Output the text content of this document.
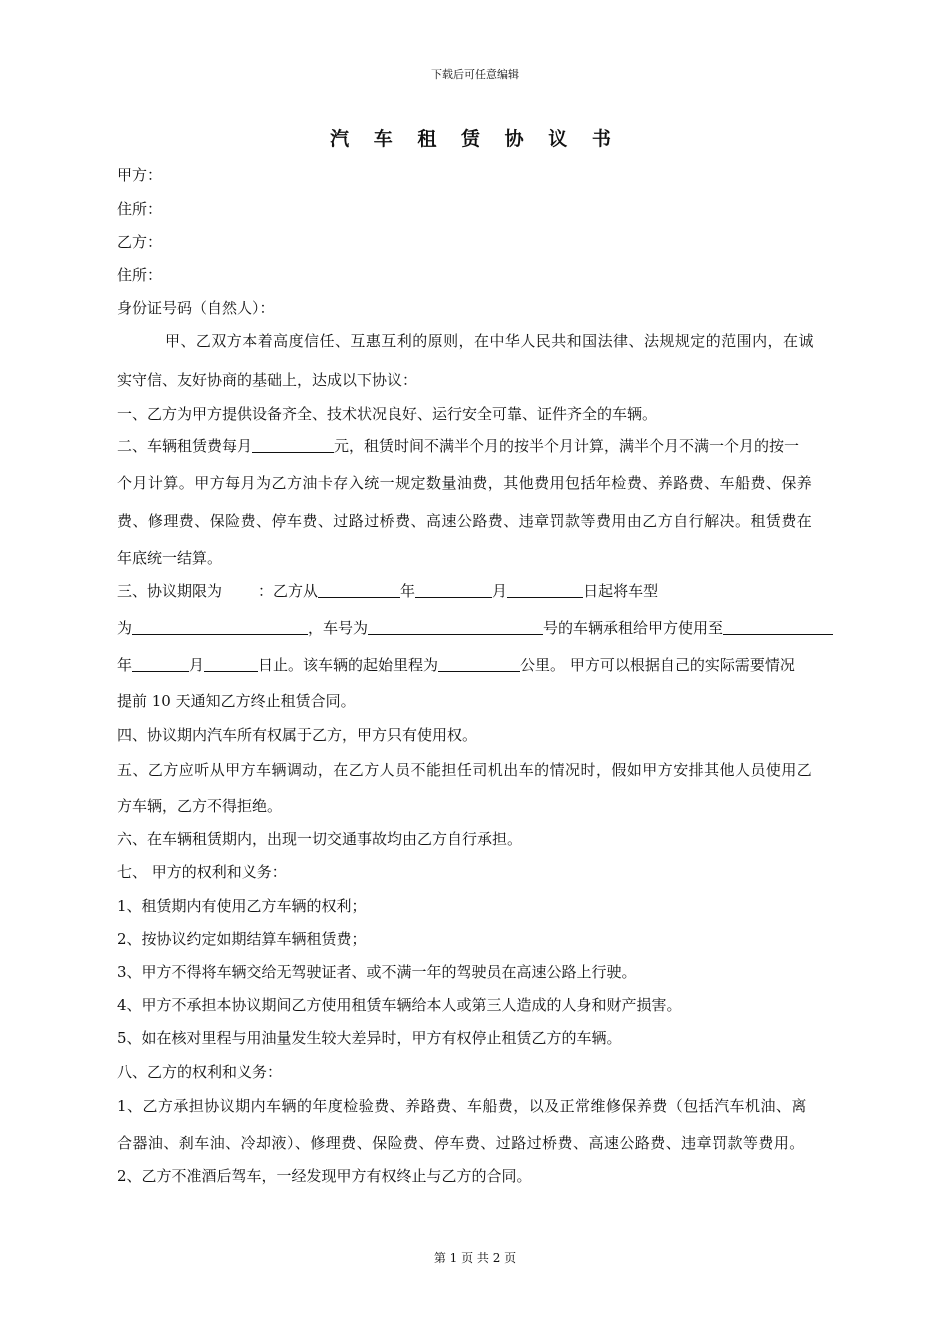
下载后可任意编辑
汽 车 租 赁 协 议 书
甲方：
住所：
乙方：
住所：
身份证号码（自然人）：
甲、乙双方本着高度信任、互惠互利的原则，在中华人民共和国法律、法规规定的范围内，在诚
实守信、友好协商的基础上，达成以下协议：
一、乙方为甲方提供设备齐全、技术状况良好、运行安全可靠、证件齐全的车辆。
二、车辆租赁费每月	元，租赁时间不满半个月的按半个月计算，满半个月不满一个月的按一
个月计算。甲方每月为乙方油卡存入统一规定数量油费，其他费用包括年检费、养路费、车船费、保养
费、修理费、保险费、停车费、过路过桥费、高速公路费、违章罚款等费用由乙方自行解决。租赁费在
年底统一结算。
三、协议期限为 ：乙方从	年	月	日起将车型
为	，车号为	号的车辆承租给甲方使用至
年	月	日止。该车辆的起始里程为	公里。 甲方可以根据自己的实际需要情况
提前 10 天通知乙方终止租赁合同。
四、协议期内汽车所有权属于乙方，甲方只有使用权。
五、乙方应听从甲方车辆调动，在乙方人员不能担任司机出车的情况时，假如甲方安排其他人员使用乙
方车辆，乙方不得拒绝。
六、在车辆租赁期内，出现一切交通事故均由乙方自行承担。
七、 甲方的权利和义务：
1、租赁期内有使用乙方车辆的权利；
2、按协议约定如期结算车辆租赁费；
3、甲方不得将车辆交给无驾驶证者、或不满一年的驾驶员在高速公路上行驶。
4、甲方不承担本协议期间乙方使用租赁车辆给本人或第三人造成的人身和财产损害。
5、如在核对里程与用油量发生较大差异时，甲方有权停止租赁乙方的车辆。
八、乙方的权利和义务：
1、乙方承担协议期内车辆的年度检验费、养路费、车船费，以及正常维修保养费（包括汽车机油、离
合器油、刹车油、冷却液）、修理费、保险费、停车费、过路过桥费、高速公路费、违章罚款等费用。
2、乙方不准酒后驾车，一经发现甲方有权终止与乙方的合同。
第 1 页 共 2 页
